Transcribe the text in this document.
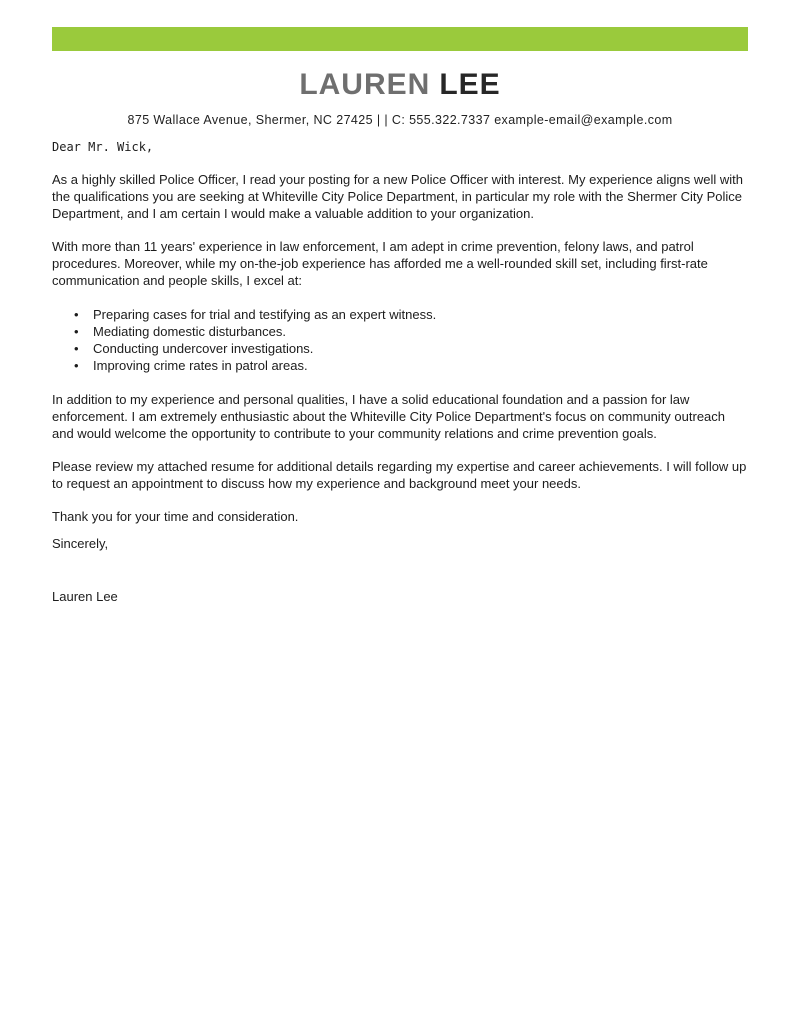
LAUREN LEE
875 Wallace Avenue, Shermer, NC 27425 | | C: 555.322.7337 example-email@example.com

Dear Mr. Wick,

As a highly skilled Police Officer, I read your posting for a new Police Officer with interest. My experience aligns well with the qualifications you are seeking at Whiteville City Police Department, in particular my role with the Shermer City Police Department, and I am certain I would make a valuable addition to your organization.

With more than 11 years' experience in law enforcement, I am adept in crime prevention, felony laws, and patrol procedures. Moreover, while my on-the-job experience has afforded me a well-rounded skill set, including first-rate communication and people skills, I excel at:

• Preparing cases for trial and testifying as an expert witness.
• Mediating domestic disturbances.
• Conducting undercover investigations.
• Improving crime rates in patrol areas.

In addition to my experience and personal qualities, I have a solid educational foundation and a passion for law enforcement. I am extremely enthusiastic about the Whiteville City Police Department's focus on community outreach and would welcome the opportunity to contribute to your community relations and crime prevention goals.

Please review my attached resume for additional details regarding my expertise and career achievements. I will follow up to request an appointment to discuss how my experience and background meet your needs.

Thank you for your time and consideration.

Sincerely,

Lauren Lee
